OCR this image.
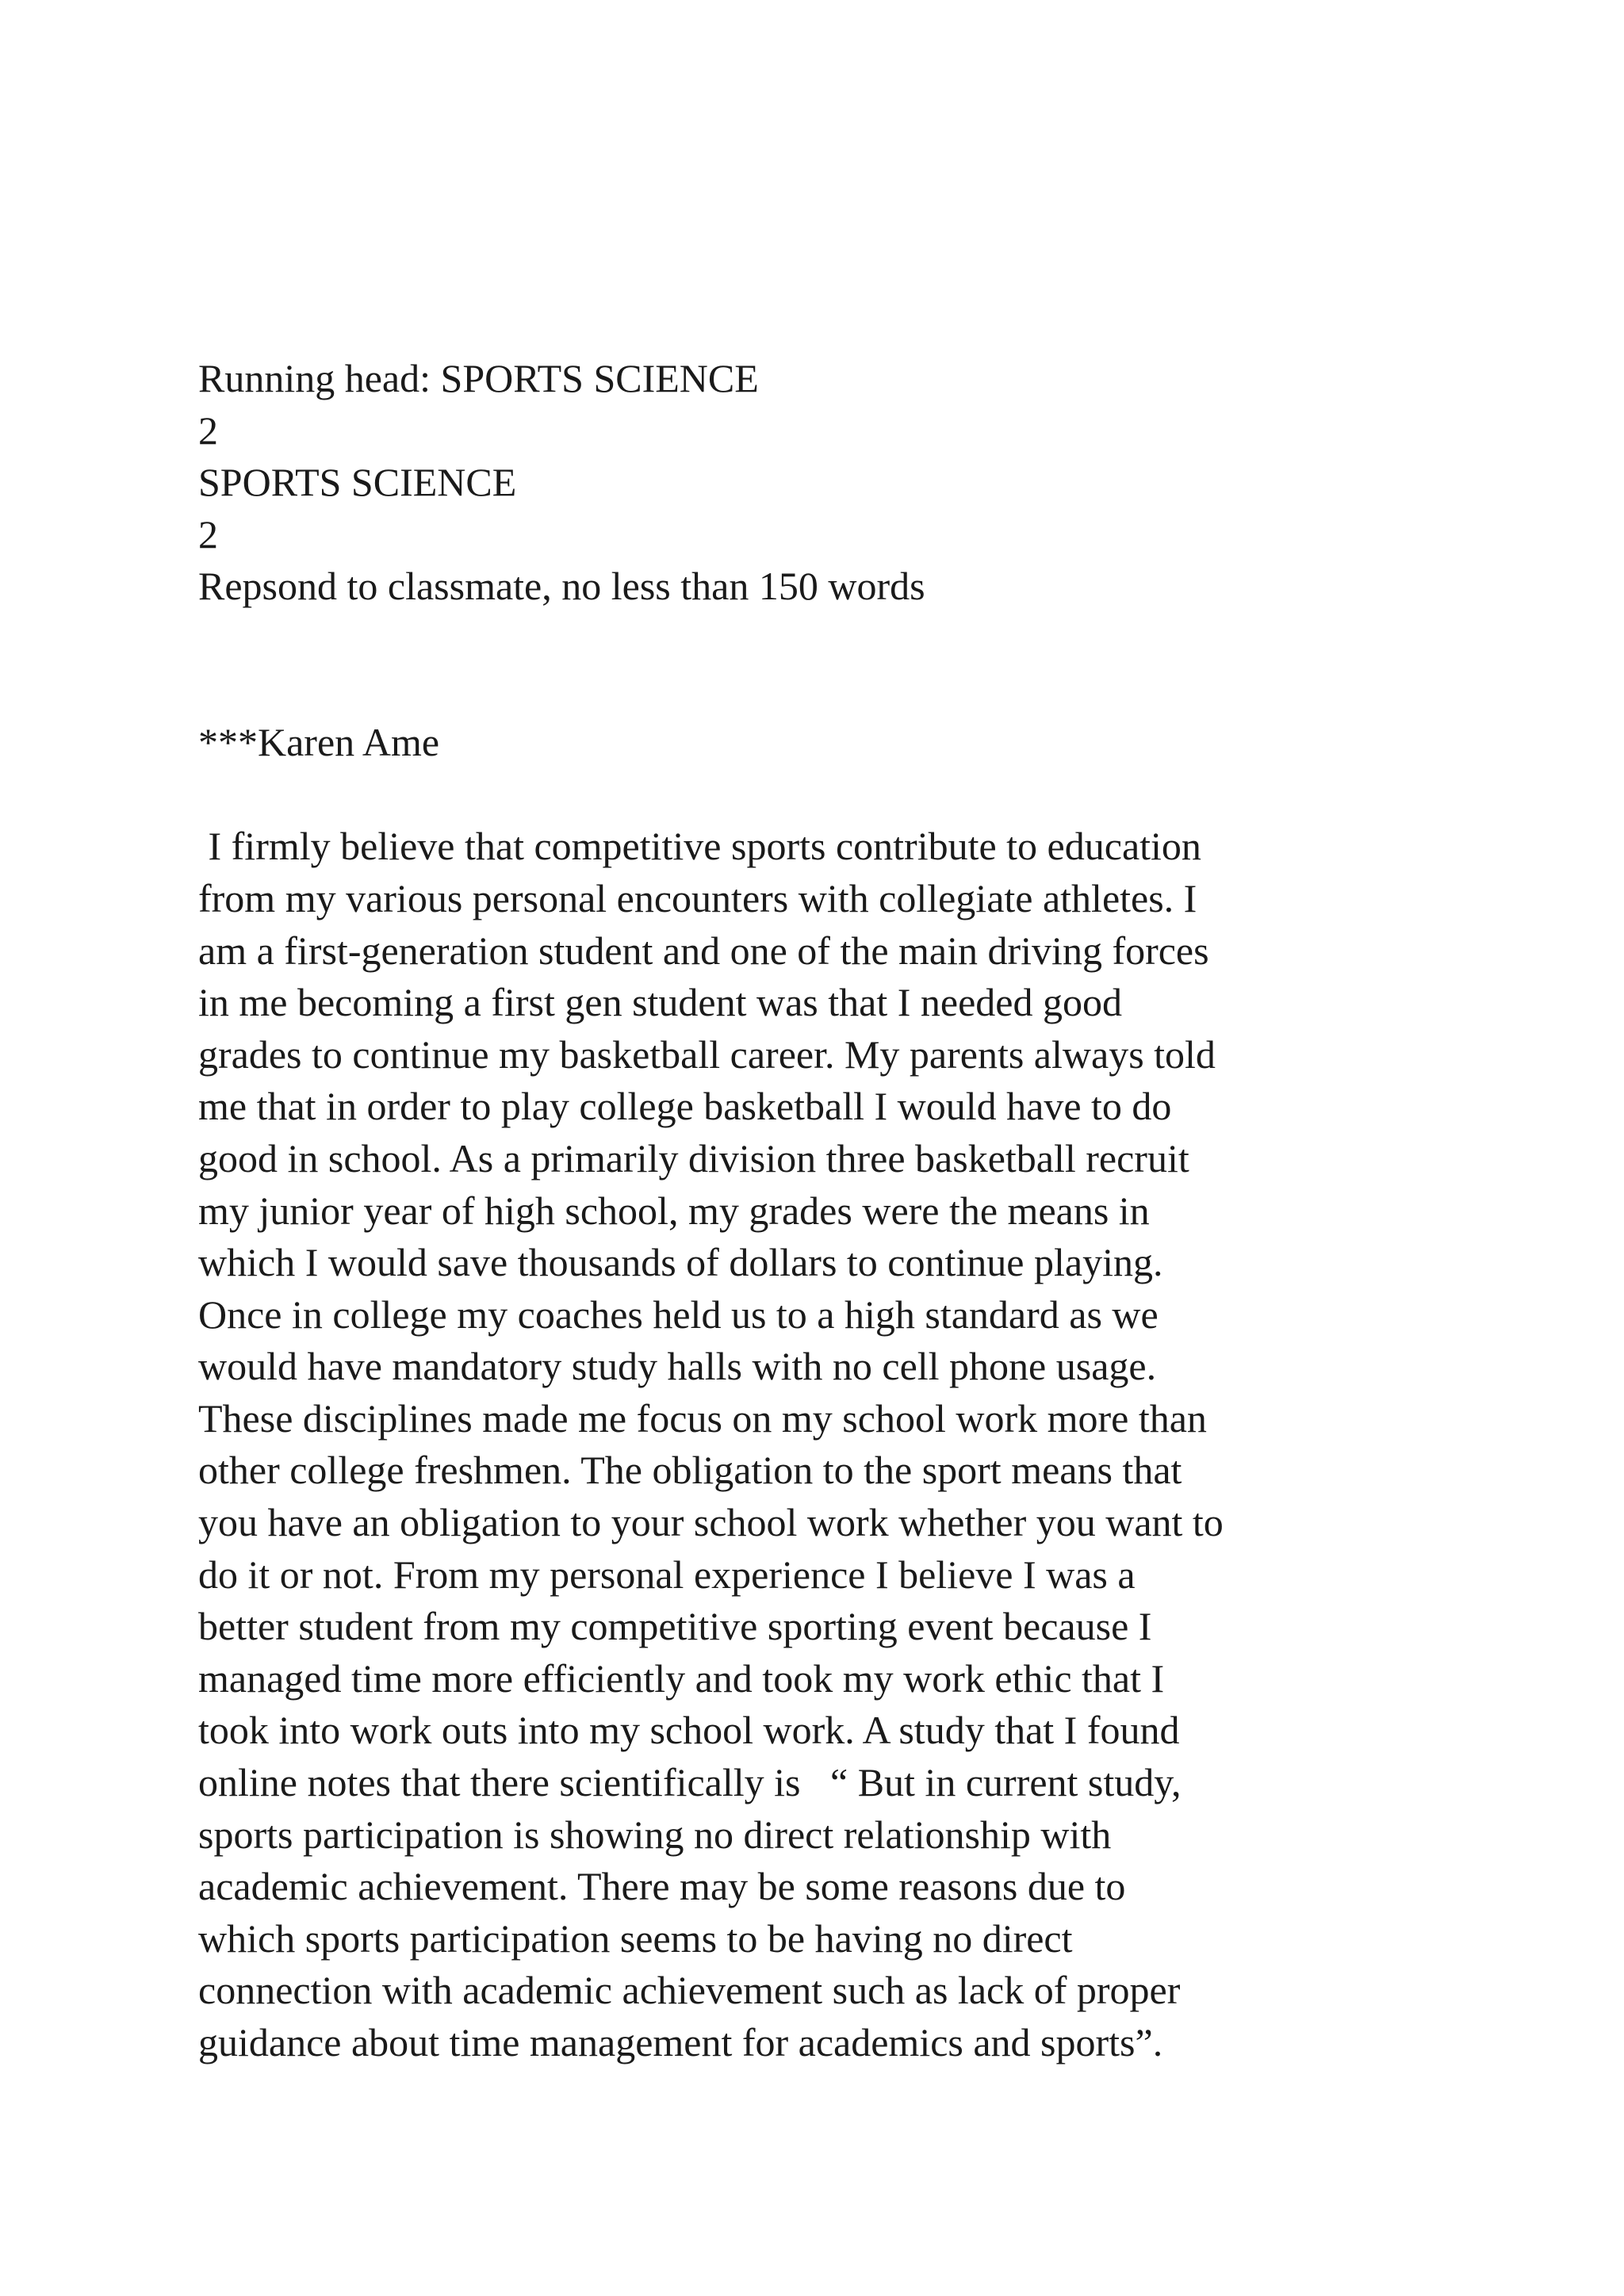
Running head: SPORTS SCIENCE
2
SPORTS SCIENCE
2
Repsond to classmate, no less than 150 words
***Karen Ame
I firmly believe that competitive sports contribute to education
from my various personal encounters with collegiate athletes. I
am a first-generation student and one of the main driving forces
in me becoming a first gen student was that I needed good
grades to continue my basketball career. My parents always told
me that in order to play college basketball I would have to do
good in school. As a primarily division three basketball recruit
my junior year of high school, my grades were the means in
which I would save thousands of dollars to continue playing.
Once in college my coaches held us to a high standard as we
would have mandatory study halls with no cell phone usage.
These disciplines made me focus on my school work more than
other college freshmen. The obligation to the sport means that
you have an obligation to your school work whether you want to
do it or not. From my personal experience I believe I was a
better student from my competitive sporting event because I
managed time more efficiently and took my work ethic that I
took into work outs into my school work. A study that I found
online notes that there scientifically is   “ But in current study,
sports participation is showing no direct relationship with
academic achievement. There may be some reasons due to
which sports participation seems to be having no direct
connection with academic achievement such as lack of proper
guidance about time management for academics and sports”.
